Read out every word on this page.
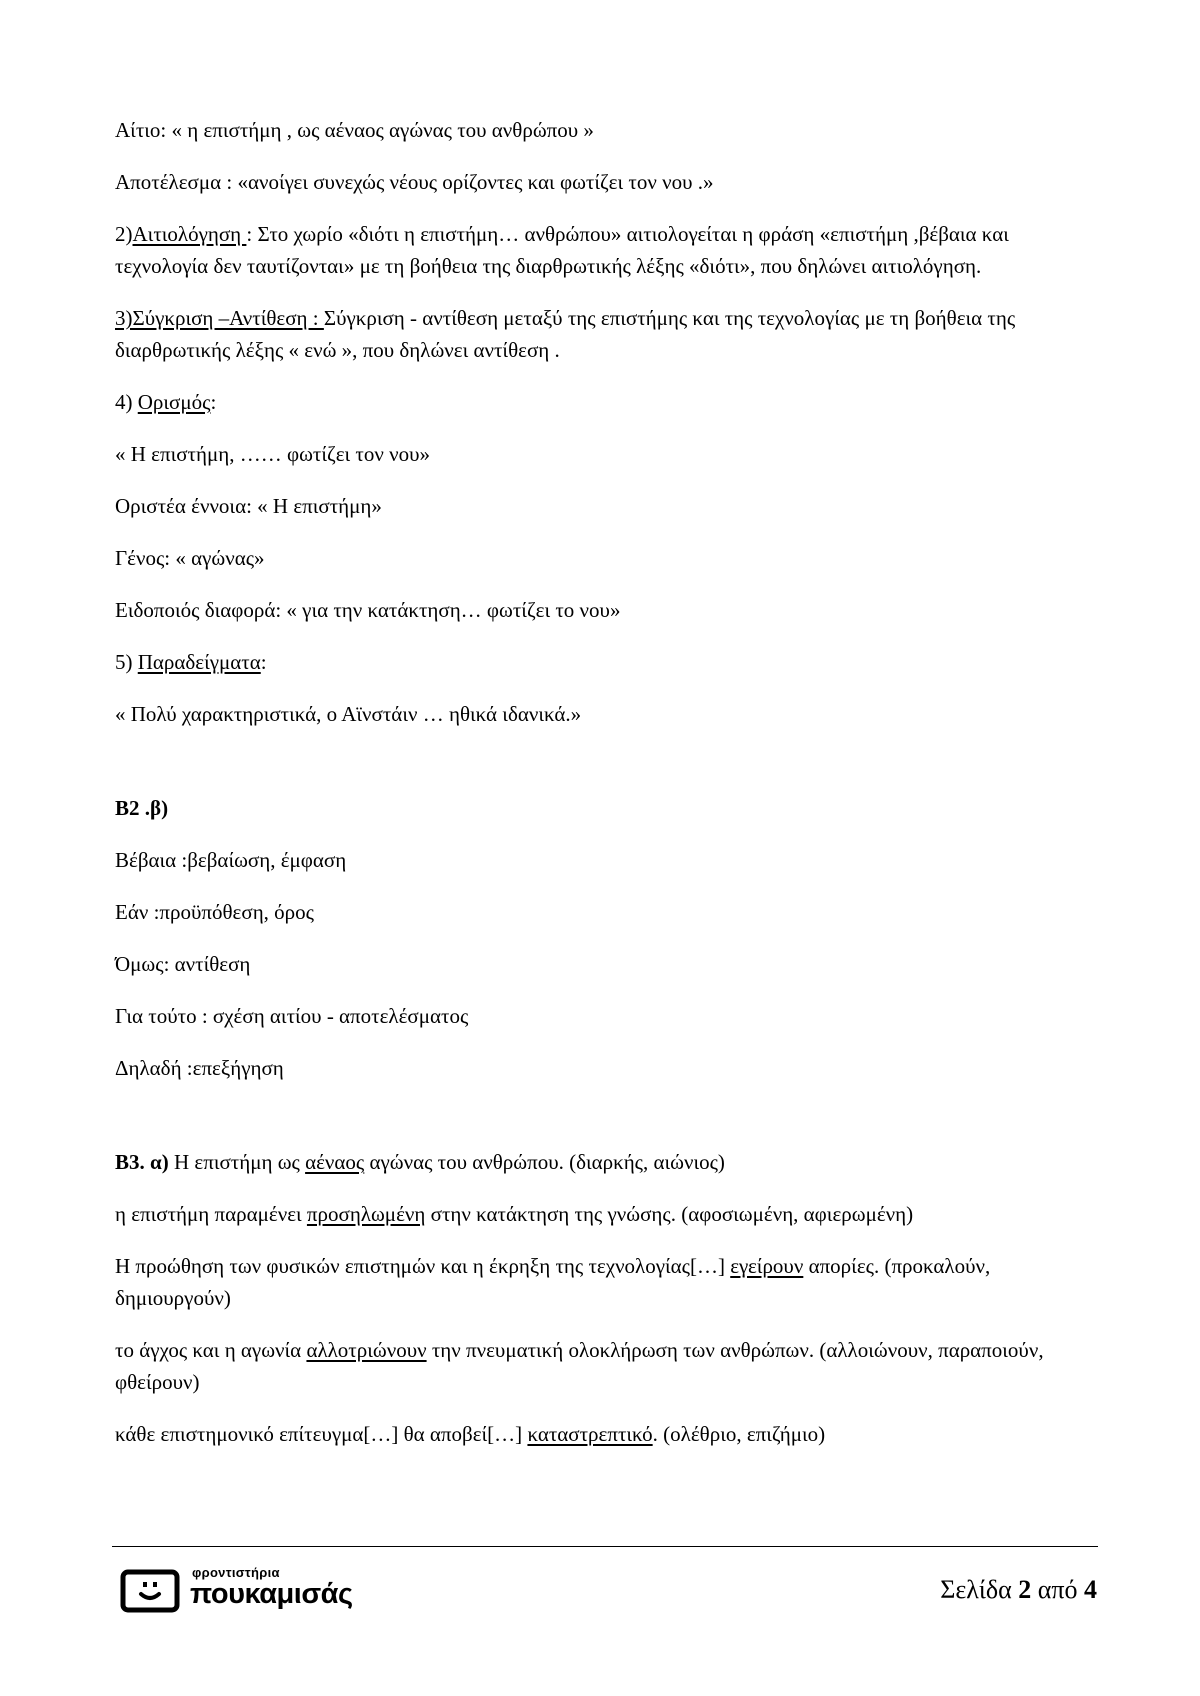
Αίτιο: « η επιστήμη , ως αέναος αγώνας του ανθρώπου »

Αποτέλεσμα : «ανοίγει συνεχώς νέους ορίζοντες και φωτίζει τον νου .»

2)Αιτιολόγηση : Στο χωρίο «διότι η επιστήμη… ανθρώπου» αιτιολογείται η φράση «επιστήμη ,βέβαια και τεχνολογία δεν ταυτίζονται» με τη βοήθεια της διαρθρωτικής λέξης «διότι», που δηλώνει αιτιολόγηση.

3)Σύγκριση –Αντίθεση : Σύγκριση - αντίθεση μεταξύ της επιστήμης και της τεχνολογίας με τη βοήθεια της διαρθρωτικής λέξης « ενώ », που δηλώνει αντίθεση .

4) Ορισμός:

« Η επιστήμη, …… φωτίζει τον νου»

Οριστέα έννοια: « Η επιστήμη»

Γένος: « αγώνας»

Ειδοποιός διαφορά: « για την κατάκτηση… φωτίζει το νου»

5) Παραδείγματα:

« Πολύ χαρακτηριστικά, ο Αϊνστάιν … ηθικά ιδανικά.»

Β2 .β)

Βέβαια :βεβαίωση, έμφαση

Εάν :προϋπόθεση, όρος

Όμως: αντίθεση

Για τούτο : σχέση αιτίου - αποτελέσματος

Δηλαδή :επεξήγηση

Β3. α) Η επιστήμη ως αέναος αγώνας του ανθρώπου. (διαρκής, αιώνιος)

η επιστήμη παραμένει προσηλωμένη στην κατάκτηση της γνώσης. (αφοσιωμένη, αφιερωμένη)

Η προώθηση των φυσικών επιστημών και η έκρηξη της τεχνολογίας[…] εγείρουν απορίες. (προκαλούν, δημιουργούν)

το άγχος και η αγωνία αλλοτριώνουν την πνευματική ολοκλήρωση των ανθρώπων. (αλλοιώνουν, παραποιούν, φθείρουν)

κάθε επιστημονικό επίτευγμα[…] θα αποβεί[…] καταστρεπτικό. (ολέθριο, επιζήμιο)

φροντιστήρια
πουκαμισάς	Σελίδα 2 από 4
